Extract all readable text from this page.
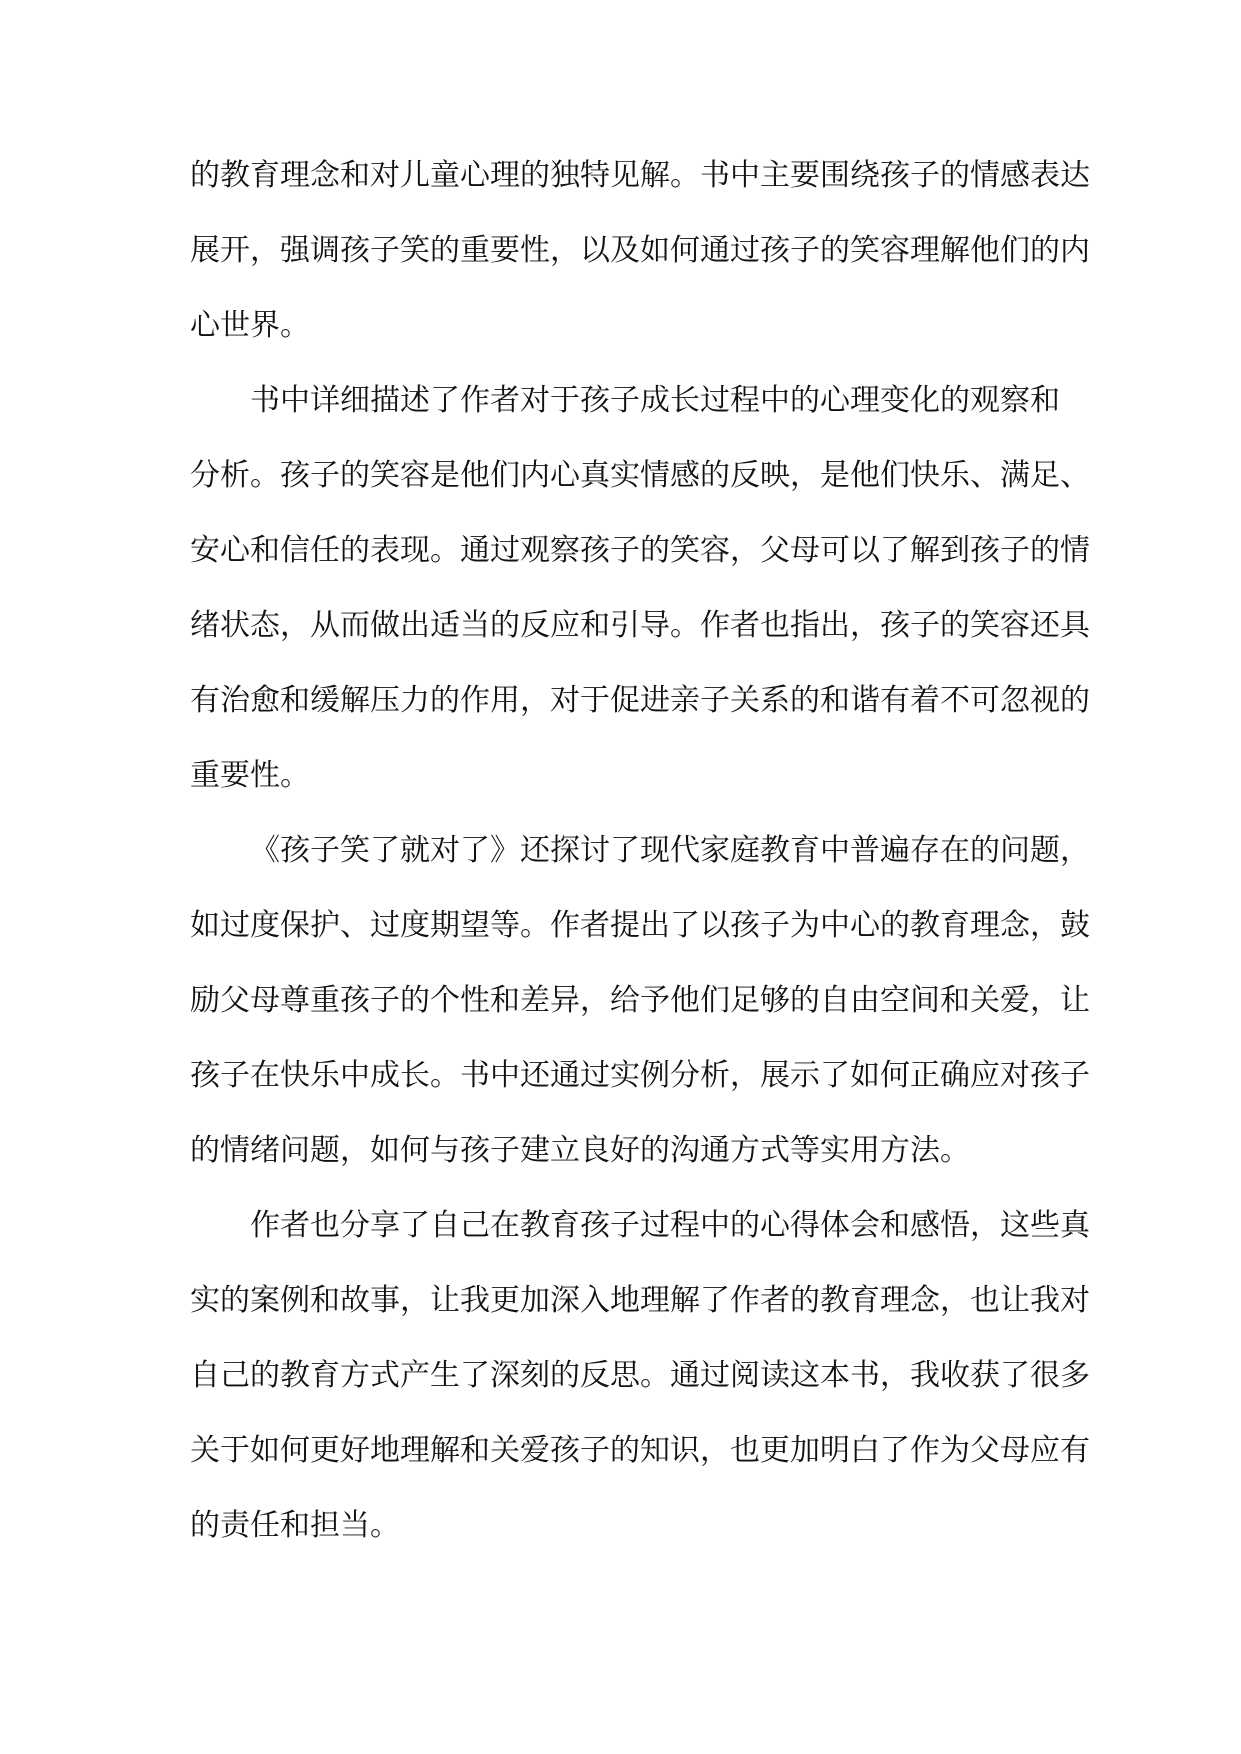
的教育理念和对儿童心理的独特见解。书中主要围绕孩子的情感表达
展开，强调孩子笑的重要性，以及如何通过孩子的笑容理解他们的内
心世界。
书中详细描述了作者对于孩子成长过程中的心理变化的观察和
分析。孩子的笑容是他们内心真实情感的反映，是他们快乐、满足、
安心和信任的表现。通过观察孩子的笑容，父母可以了解到孩子的情
绪状态，从而做出适当的反应和引导。作者也指出，孩子的笑容还具
有治愈和缓解压力的作用，对于促进亲子关系的和谐有着不可忽视的
重要性。
《孩子笑了就对了》还探讨了现代家庭教育中普遍存在的问题，
如过度保护、过度期望等。作者提出了以孩子为中心的教育理念，鼓
励父母尊重孩子的个性和差异，给予他们足够的自由空间和关爱，让
孩子在快乐中成长。书中还通过实例分析，展示了如何正确应对孩子
的情绪问题，如何与孩子建立良好的沟通方式等实用方法。
作者也分享了自己在教育孩子过程中的心得体会和感悟，这些真
实的案例和故事，让我更加深入地理解了作者的教育理念，也让我对
自己的教育方式产生了深刻的反思。通过阅读这本书，我收获了很多
关于如何更好地理解和关爱孩子的知识，也更加明白了作为父母应有
的责任和担当。
